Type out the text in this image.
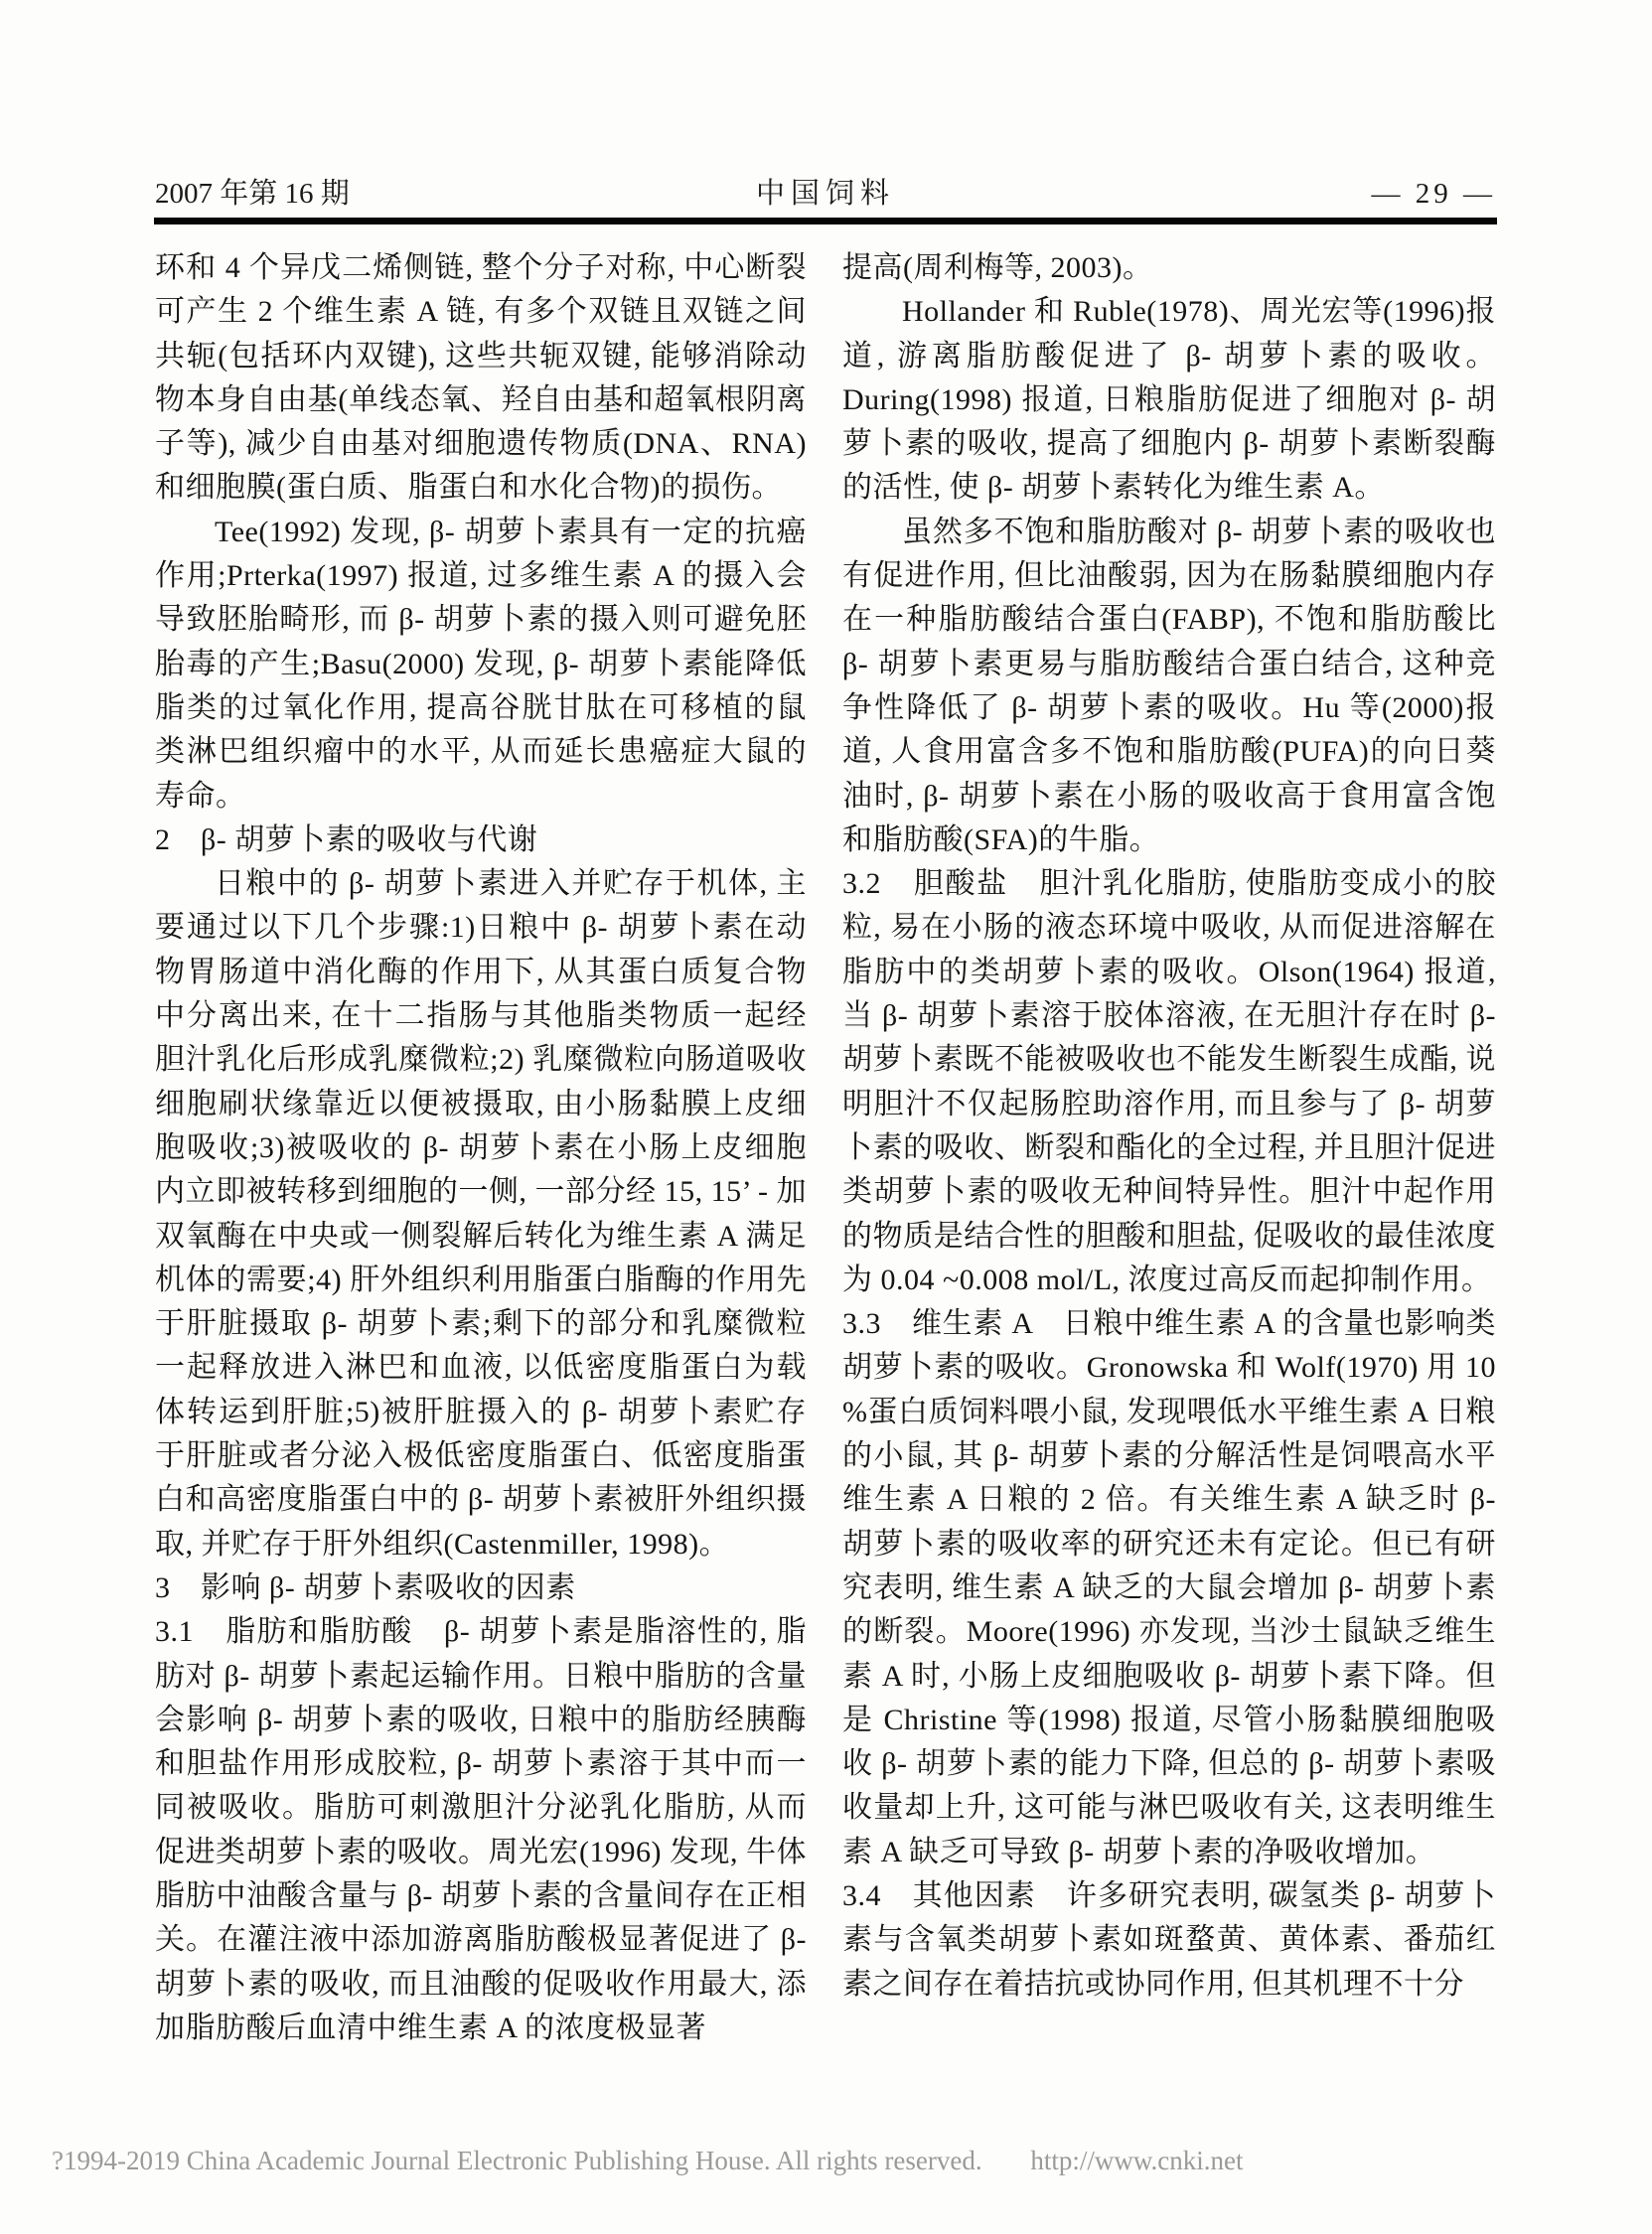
2007 年第 16 期	中国饲料	— 29 —

环和 4 个异戊二烯侧链, 整个分子对称, 中心断裂可产生 2 个维生素 A 链, 有多个双链且双链之间共轭(包括环内双键), 这些共轭双键, 能够消除动物本身自由基(单线态氧、羟自由基和超氧根阴离子等), 减少自由基对细胞遗传物质(DNA、RNA)和细胞膜(蛋白质、脂蛋白和水化合物)的损伤。

Tee(1992) 发现, β- 胡萝卜素具有一定的抗癌作用;Prterka(1997) 报道, 过多维生素 A 的摄入会导致胚胎畸形, 而 β- 胡萝卜素的摄入则可避免胚胎毒的产生;Basu(2000) 发现, β- 胡萝卜素能降低脂类的过氧化作用, 提高谷胱甘肽在可移植的鼠类淋巴组织瘤中的水平, 从而延长患癌症大鼠的寿命。

2　β- 胡萝卜素的吸收与代谢

日粮中的 β- 胡萝卜素进入并贮存于机体, 主要通过以下几个步骤:1)日粮中 β- 胡萝卜素在动物胃肠道中消化酶的作用下, 从其蛋白质复合物中分离出来, 在十二指肠与其他脂类物质一起经胆汁乳化后形成乳糜微粒;2) 乳糜微粒向肠道吸收细胞刷状缘靠近以便被摄取, 由小肠黏膜上皮细胞吸收;3)被吸收的 β- 胡萝卜素在小肠上皮细胞内立即被转移到细胞的一侧, 一部分经 15, 15’ - 加双氧酶在中央或一侧裂解后转化为维生素 A 满足机体的需要;4) 肝外组织利用脂蛋白脂酶的作用先于肝脏摄取 β- 胡萝卜素;剩下的部分和乳糜微粒一起释放进入淋巴和血液, 以低密度脂蛋白为载体转运到肝脏;5)被肝脏摄入的 β- 胡萝卜素贮存于肝脏或者分泌入极低密度脂蛋白、低密度脂蛋白和高密度脂蛋白中的 β- 胡萝卜素被肝外组织摄取, 并贮存于肝外组织(Castenmiller, 1998)。

3　影响 β- 胡萝卜素吸收的因素

3.1　脂肪和脂肪酸　β- 胡萝卜素是脂溶性的, 脂肪对 β- 胡萝卜素起运输作用。日粮中脂肪的含量会影响 β- 胡萝卜素的吸收, 日粮中的脂肪经胰酶和胆盐作用形成胶粒, β- 胡萝卜素溶于其中而一同被吸收。脂肪可刺激胆汁分泌乳化脂肪, 从而促进类胡萝卜素的吸收。周光宏(1996) 发现, 牛体脂肪中油酸含量与 β- 胡萝卜素的含量间存在正相关。在灌注液中添加游离脂肪酸极显著促进了 β- 胡萝卜素的吸收, 而且油酸的促吸收作用最大, 添加脂肪酸后血清中维生素 A 的浓度极显著

提高(周利梅等, 2003)。

Hollander 和 Ruble(1978)、周光宏等(1996)报道, 游离脂肪酸促进了 β- 胡萝卜素的吸收。During(1998) 报道, 日粮脂肪促进了细胞对 β- 胡萝卜素的吸收, 提高了细胞内 β- 胡萝卜素断裂酶的活性, 使 β- 胡萝卜素转化为维生素 A。

虽然多不饱和脂肪酸对 β- 胡萝卜素的吸收也有促进作用, 但比油酸弱, 因为在肠黏膜细胞内存在一种脂肪酸结合蛋白(FABP), 不饱和脂肪酸比 β- 胡萝卜素更易与脂肪酸结合蛋白结合, 这种竞争性降低了 β- 胡萝卜素的吸收。Hu 等(2000)报道, 人食用富含多不饱和脂肪酸(PUFA)的向日葵油时, β- 胡萝卜素在小肠的吸收高于食用富含饱和脂肪酸(SFA)的牛脂。

3.2　胆酸盐　胆汁乳化脂肪, 使脂肪变成小的胶粒, 易在小肠的液态环境中吸收, 从而促进溶解在脂肪中的类胡萝卜素的吸收。Olson(1964) 报道, 当 β- 胡萝卜素溶于胶体溶液, 在无胆汁存在时 β- 胡萝卜素既不能被吸收也不能发生断裂生成酯, 说明胆汁不仅起肠腔助溶作用, 而且参与了 β- 胡萝卜素的吸收、断裂和酯化的全过程, 并且胆汁促进类胡萝卜素的吸收无种间特异性。胆汁中起作用的物质是结合性的胆酸和胆盐, 促吸收的最佳浓度为 0.04 ~0.008 mol/L, 浓度过高反而起抑制作用。

3.3　维生素 A　日粮中维生素 A 的含量也影响类胡萝卜素的吸收。Gronowska 和 Wolf(1970) 用 10 %蛋白质饲料喂小鼠, 发现喂低水平维生素 A 日粮的小鼠, 其 β- 胡萝卜素的分解活性是饲喂高水平维生素 A 日粮的 2 倍。有关维生素 A 缺乏时 β- 胡萝卜素的吸收率的研究还未有定论。但已有研究表明, 维生素 A 缺乏的大鼠会增加 β- 胡萝卜素的断裂。Moore(1996) 亦发现, 当沙士鼠缺乏维生素 A 时, 小肠上皮细胞吸收 β- 胡萝卜素下降。但是 Christine 等(1998) 报道, 尽管小肠黏膜细胞吸收 β- 胡萝卜素的能力下降, 但总的 β- 胡萝卜素吸收量却上升, 这可能与淋巴吸收有关, 这表明维生素 A 缺乏可导致 β- 胡萝卜素的净吸收增加。

3.4　其他因素　许多研究表明, 碳氢类 β- 胡萝卜素与含氧类胡萝卜素如斑蝥黄、黄体素、番茄红素之间存在着拮抗或协同作用, 但其机理不十分

?1994-2019 China Academic Journal Electronic Publishing House. All rights reserved. http://www.cnki.net
